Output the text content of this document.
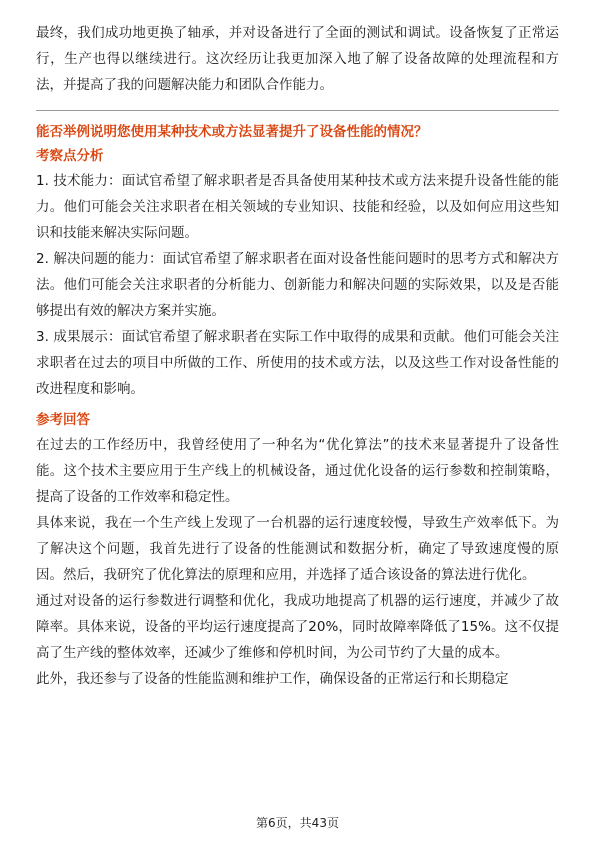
最终，我们成功地更换了轴承，并对设备进行了全面的测试和调试。设备恢复了正常运行，生产也得以继续进行。这次经历让我更加深入地了解了设备故障的处理流程和方法，并提高了我的问题解决能力和团队合作能力。

能否举例说明您使用某种技术或方法显著提升了设备性能的情况？

考察点分析

1. 技术能力：面试官希望了解求职者是否具备使用某种技术或方法来提升设备性能的能力。他们可能会关注求职者在相关领域的专业知识、技能和经验，以及如何应用这些知识和技能来解决实际问题。

2. 解决问题的能力：面试官希望了解求职者在面对设备性能问题时的思考方式和解决方法。他们可能会关注求职者的分析能力、创新能力和解决问题的实际效果，以及是否能够提出有效的解决方案并实施。

3. 成果展示：面试官希望了解求职者在实际工作中取得的成果和贡献。他们可能会关注求职者在过去的项目中所做的工作、所使用的技术或方法，以及这些工作对设备性能的改进程度和影响。

参考回答

在过去的工作经历中，我曾经使用了一种名为“优化算法”的技术来显著提升了设备性能。这个技术主要应用于生产线上的机械设备，通过优化设备的运行参数和控制策略，提高了设备的工作效率和稳定性。

具体来说，我在一个生产线上发现了一台机器的运行速度较慢，导致生产效率低下。为了解决这个问题，我首先进行了设备的性能测试和数据分析，确定了导致速度慢的原因。然后，我研究了优化算法的原理和应用，并选择了适合该设备的算法进行优化。

通过对设备的运行参数进行调整和优化，我成功地提高了机器的运行速度，并减少了故障率。具体来说，设备的平均运行速度提高了20%，同时故障率降低了15%。这不仅提高了生产线的整体效率，还减少了维修和停机时间，为公司节约了大量的成本。

此外，我还参与了设备的性能监测和维护工作，确保设备的正常运行和长期稳定

第6页，共43页
